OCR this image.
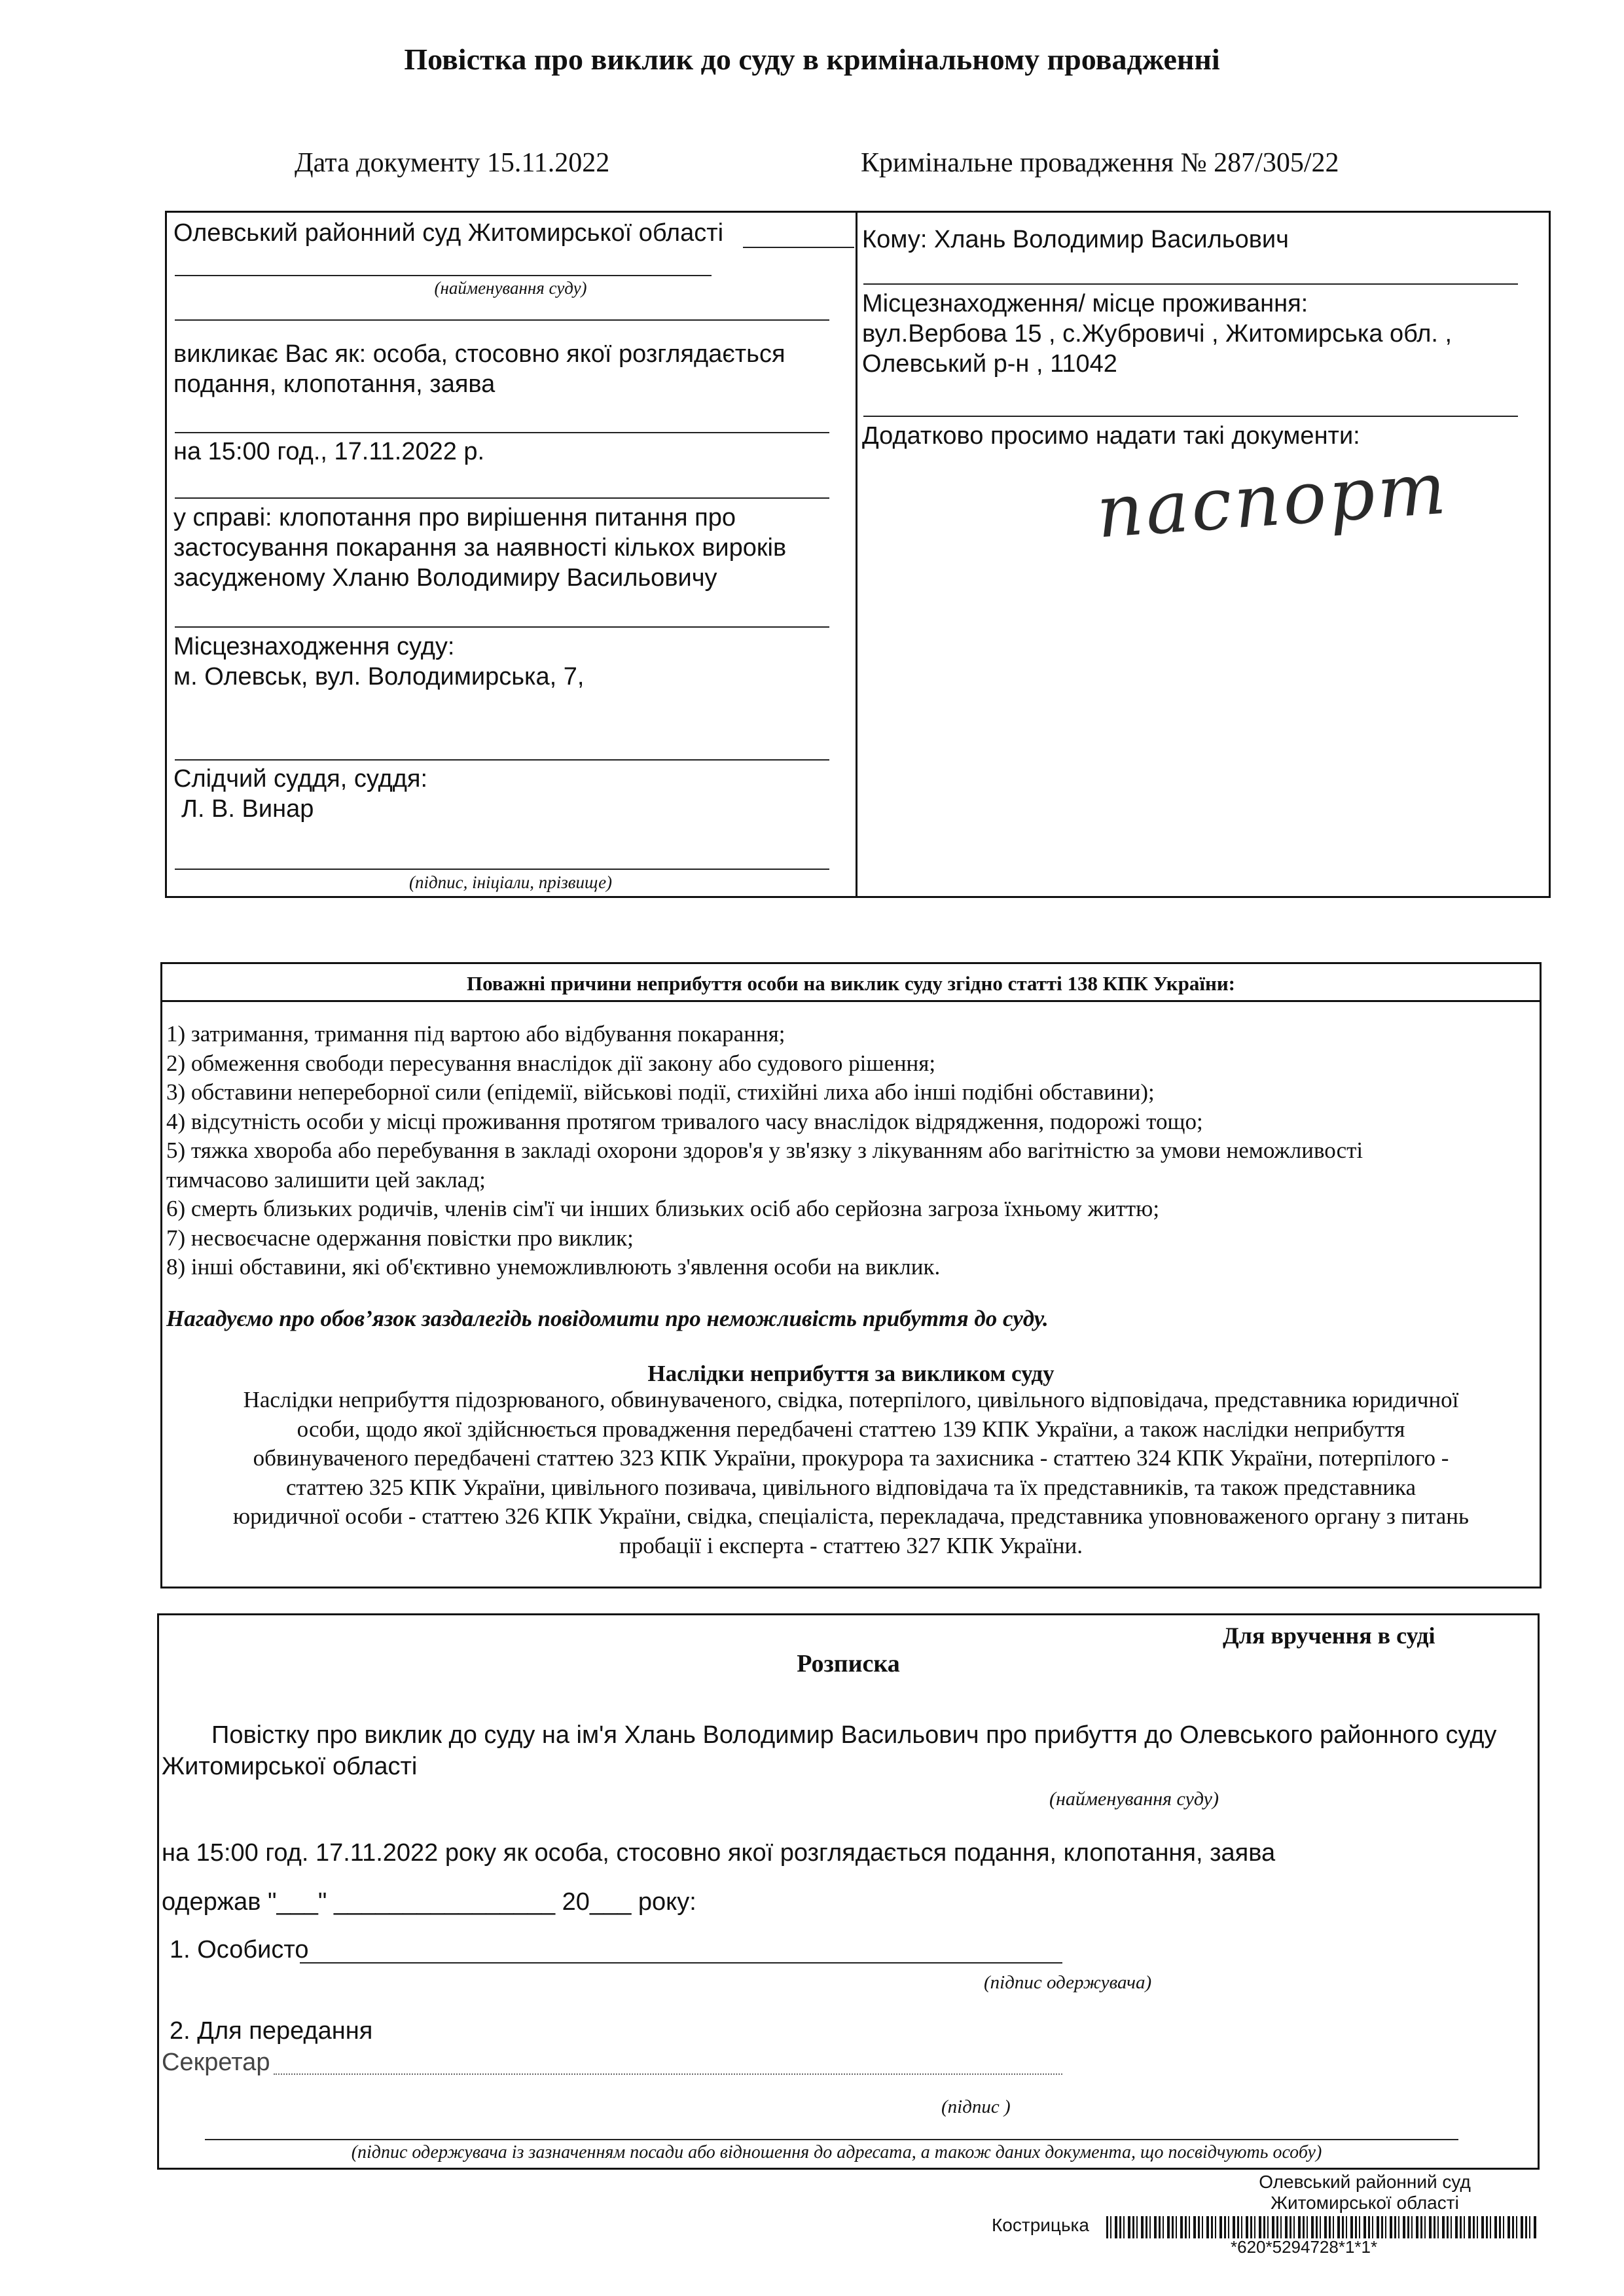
Повістка про виклик до суду в кримінальному провадженні
Дата документу 15.11.2022	Кримінальне провадження № 287/305/22
Олевський районний суд Житомирської області
(найменування суду)
викликає Вас як: особа, стосовно якої розглядається
подання, клопотання, заява
на 15:00 год., 17.11.2022 р.
у справі: клопотання про вирішення питання про
застосування покарання за наявності кількох вироків
засудженому Хланю Володимиру Васильовичу
Місцезнаходження суду:
м. Олевськ, вул. Володимирська, 7,
Слідчий суддя, суддя:
Л. В. Винар
(підпис, ініціали, прізвище)
Кому: Хлань Володимир Васильович
Місцезнаходження/ місце проживання:
вул.Вербова 15 , с.Жубровичі , Житомирська обл. ,
Олевський р-н , 11042
Додатково просимо надати такі документи:
паспорт
Поважні причини неприбуття особи на виклик суду згідно статті 138 КПК України:
1) затримання, тримання під вартою або відбування покарання;
2) обмеження свободи пересування внаслідок дії закону або судового рішення;
3) обставини непереборної сили (епідемії, військові події, стихійні лиха або інші подібні обставини);
4) відсутність особи у місці проживання протягом тривалого часу внаслідок відрядження, подорожі тощо;
5) тяжка хвороба або перебування в закладі охорони здоров'я у зв'язку з лікуванням або вагітністю за умови неможливості
тимчасово залишити цей заклад;
6) смерть близьких родичів, членів сім'ї чи інших близьких осіб або серйозна загроза їхньому життю;
7) несвоєчасне одержання повістки про виклик;
8) інші обставини, які об'єктивно унеможливлюють з'явлення особи на виклик.
Нагадуємо про обов’язок заздалегідь повідомити про неможливість прибуття до суду.
Наслідки неприбуття за викликом суду
Наслідки неприбуття підозрюваного, обвинуваченого, свідка, потерпілого, цивільного відповідача, представника юридичної
особи, щодо якої здійснюється провадження передбачені статтею 139 КПК України, а також наслідки неприбуття
обвинуваченого передбачені статтею 323 КПК України, прокурора та захисника - статтею 324 КПК України, потерпілого -
статтею 325 КПК України, цивільного позивача, цивільного відповідача та їх представників, та також представника
юридичної особи - статтею 326 КПК України, свідка, спеціаліста, перекладача, представника уповноваженого органу з питань
пробації і експерта - статтею 327 КПК України.
Для вручення в суді
Розписка
Повістку про виклик до суду на ім'я Хлань Володимир Васильович про прибуття до Олевського районного суду
Житомирської області
(найменування суду)
на 15:00 год. 17.11.2022 року як особа, стосовно якої розглядається подання, клопотання, заява
одержав "___" ________________ 20___ року:
1. Особисто
(підпис одержувача)
2. Для передання
Секретар
(підпис )
(підпис одержувача із зазначенням посади або відношення до адресата, а також даних документа, що посвідчують особу)
Олевський районний суд
Житомирської області
Кострицька
*620*5294728*1*1*
